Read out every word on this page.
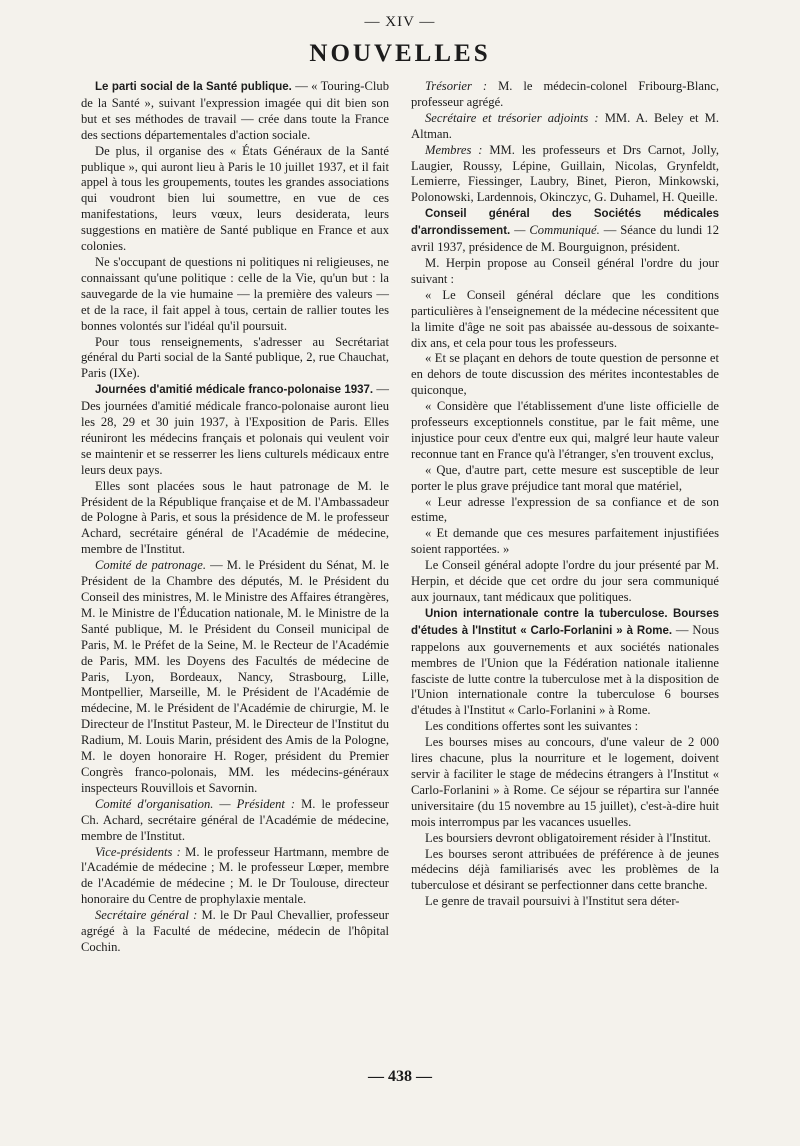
— XIV —
NOUVELLES

Le parti social de la Santé publique. — « Touring-Club de la Santé », suivant l'expression imagée qui dit bien son but et ses méthodes de travail — crée dans toute la France des sections départementales d'action sociale.

De plus, il organise des « États Généraux de la Santé publique », qui auront lieu à Paris le 10 juillet 1937, et il fait appel à tous les groupements, toutes les grandes associations qui voudront bien lui soumettre, en vue de ces manifestations, leurs vœux, leurs desiderata, leurs suggestions en matière de Santé publique en France et aux colonies.

Ne s'occupant de questions ni politiques ni religieuses, ne connaissant qu'une politique : celle de la Vie, qu'un but : la sauvegarde de la vie humaine — la première des valeurs — et de la race, il fait appel à tous, certain de rallier toutes les bonnes volontés sur l'idéal qu'il poursuit.

Pour tous renseignements, s'adresser au Secrétariat général du Parti social de la Santé publique, 2, rue Chauchat, Paris (IXe).

Journées d'amitié médicale franco-polonaise 1937. — Des journées d'amitié médicale franco-polonaise auront lieu les 28, 29 et 30 juin 1937, à l'Exposition de Paris. Elles réuniront les médecins français et polonais qui veulent voir se maintenir et se resserrer les liens culturels médicaux entre leurs deux pays.

Elles sont placées sous le haut patronage de M. le Président de la République française et de M. l'Ambassadeur de Pologne à Paris, et sous la présidence de M. le professeur Achard, secrétaire général de l'Académie de médecine, membre de l'Institut.

Comité de patronage. — M. le Président du Sénat, M. le Président de la Chambre des députés, M. le Président du Conseil des ministres, M. le Ministre des Affaires étrangères, M. le Ministre de l'Éducation nationale, M. le Ministre de la Santé publique, M. le Président du Conseil municipal de Paris, M. le Préfet de la Seine, M. le Recteur de l'Académie de Paris, MM. les Doyens des Facultés de médecine de Paris, Lyon, Bordeaux, Nancy, Strasbourg, Lille, Montpellier, Marseille, M. le Président de l'Académie de médecine, M. le Président de l'Académie de chirurgie, M. le Directeur de l'Institut Pasteur, M. le Directeur de l'Institut du Radium, M. Louis Marin, président des Amis de la Pologne, M. le doyen honoraire H. Roger, président du Premier Congrès franco-polonais, MM. les médecins-généraux inspecteurs Rouvillois et Savornin.

Comité d'organisation. — Président : M. le professeur Ch. Achard, secrétaire général de l'Académie de médecine, membre de l'Institut.

Vice-présidents : M. le professeur Hartmann, membre de l'Académie de médecine ; M. le professeur Lœper, membre de l'Académie de médecine ; M. le Dr Toulouse, directeur honoraire du Centre de prophylaxie mentale.

Secrétaire général : M. le Dr Paul Chevallier, professeur agrégé à la Faculté de médecine, médecin de l'hôpital Cochin.

Trésorier : M. le médecin-colonel Fribourg-Blanc, professeur agrégé.

Secrétaire et trésorier adjoints : MM. A. Beley et M. Altman.

Membres : MM. les professeurs et Drs Carnot, Jolly, Laugier, Roussy, Lépine, Guillain, Nicolas, Grynfeldt, Lemierre, Fiessinger, Laubry, Binet, Pieron, Minkowski, Polonowski, Lardennois, Okinczyc, G. Duhamel, H. Queille.

Conseil général des Sociétés médicales d'arrondissement. — Communiqué. — Séance du lundi 12 avril 1937, présidence de M. Bourguignon, président.

M. Herpin propose au Conseil général l'ordre du jour suivant :

« Le Conseil général déclare que les conditions particulières à l'enseignement de la médecine nécessitent que la limite d'âge ne soit pas abaissée au-dessous de soixante-dix ans, et cela pour tous les professeurs.

« Et se plaçant en dehors de toute question de personne et en dehors de toute discussion des mérites incontestables de quiconque,

« Considère que l'établissement d'une liste officielle de professeurs exceptionnels constitue, par le fait même, une injustice pour ceux d'entre eux qui, malgré leur haute valeur reconnue tant en France qu'à l'étranger, s'en trouvent exclus,

« Que, d'autre part, cette mesure est susceptible de leur porter le plus grave préjudice tant moral que matériel,

« Leur adresse l'expression de sa confiance et de son estime,

« Et demande que ces mesures parfaitement injustifiées soient rapportées. »

Le Conseil général adopte l'ordre du jour présenté par M. Herpin, et décide que cet ordre du jour sera communiqué aux journaux, tant médicaux que politiques.

Union internationale contre la tuberculose. Bourses d'études à l'Institut « Carlo-Forlanini » à Rome. — Nous rappelons aux gouvernements et aux sociétés nationales membres de l'Union que la Fédération nationale italienne fasciste de lutte contre la tuberculose met à la disposition de l'Union internationale contre la tuberculose 6 bourses d'études à l'Institut « Carlo-Forlanini » à Rome.

Les conditions offertes sont les suivantes :

Les bourses mises au concours, d'une valeur de 2 000 lires chacune, plus la nourriture et le logement, doivent servir à faciliter le stage de médecins étrangers à l'Institut « Carlo-Forlanini » à Rome. Ce séjour se répartira sur l'année universitaire (du 15 novembre au 15 juillet), c'est-à-dire huit mois interrompus par les vacances usuelles.

Les boursiers devront obligatoirement résider à l'Institut.

Les bourses seront attribuées de préférence à de jeunes médecins déjà familiarisés avec les problèmes de la tuberculose et désirant se perfectionner dans cette branche.

Le genre de travail poursuivi à l'Institut sera déter-

— 438 —
